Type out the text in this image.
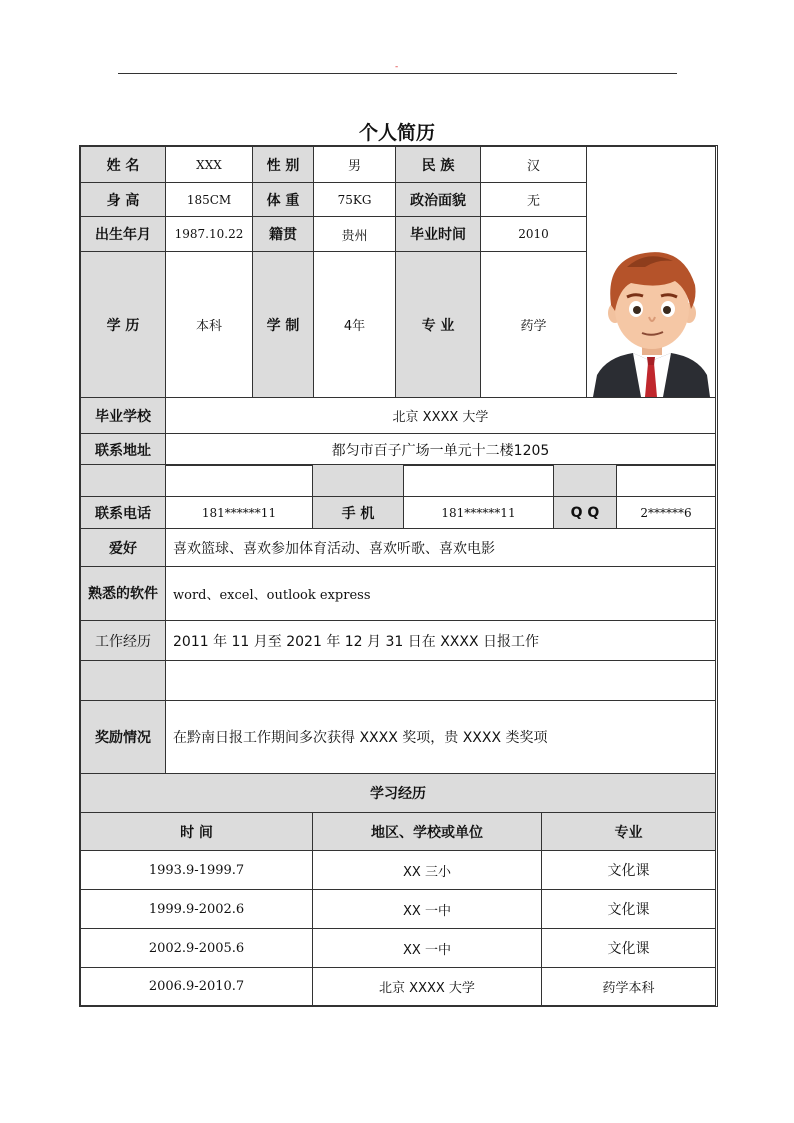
-
个人简历
姓 名	XXX	性 别	男	民 族	汉	

身 高	185CM	体 重	75KG	政治面貌	无	
出生年月	1987.10.22	籍贯	贵州	毕业时间	2010	
学 历	本科	学 制	4年	专 业	药学	
毕业学校	北京 XXXX 大学					
联系地址	都匀市百子广场一单元十二楼1205					

联系电话	181******11	手 机	181******11	Q Q	2******6
爱好	喜欢篮球、喜欢参加体育活动、喜欢听歌、喜欢电影
熟悉的软件	word、excel、outlook express
工作经历	2011 年 11 月至 2021 年 12 月 31 日在 XXXX 日报工作

奖励情况	在黔南日报工作期间多次获得 XXXX 奖项，贵 XXXX 类奖项
学习经历		
时 间	地区、学校或单位	专业
1993.9-1999.7	XX 三小	文化课
1999.9-2002.6	XX 一中	文化课
2002.9-2005.6	XX 一中	文化课
2006.9-2010.7	北京 XXXX 大学	药学本科
